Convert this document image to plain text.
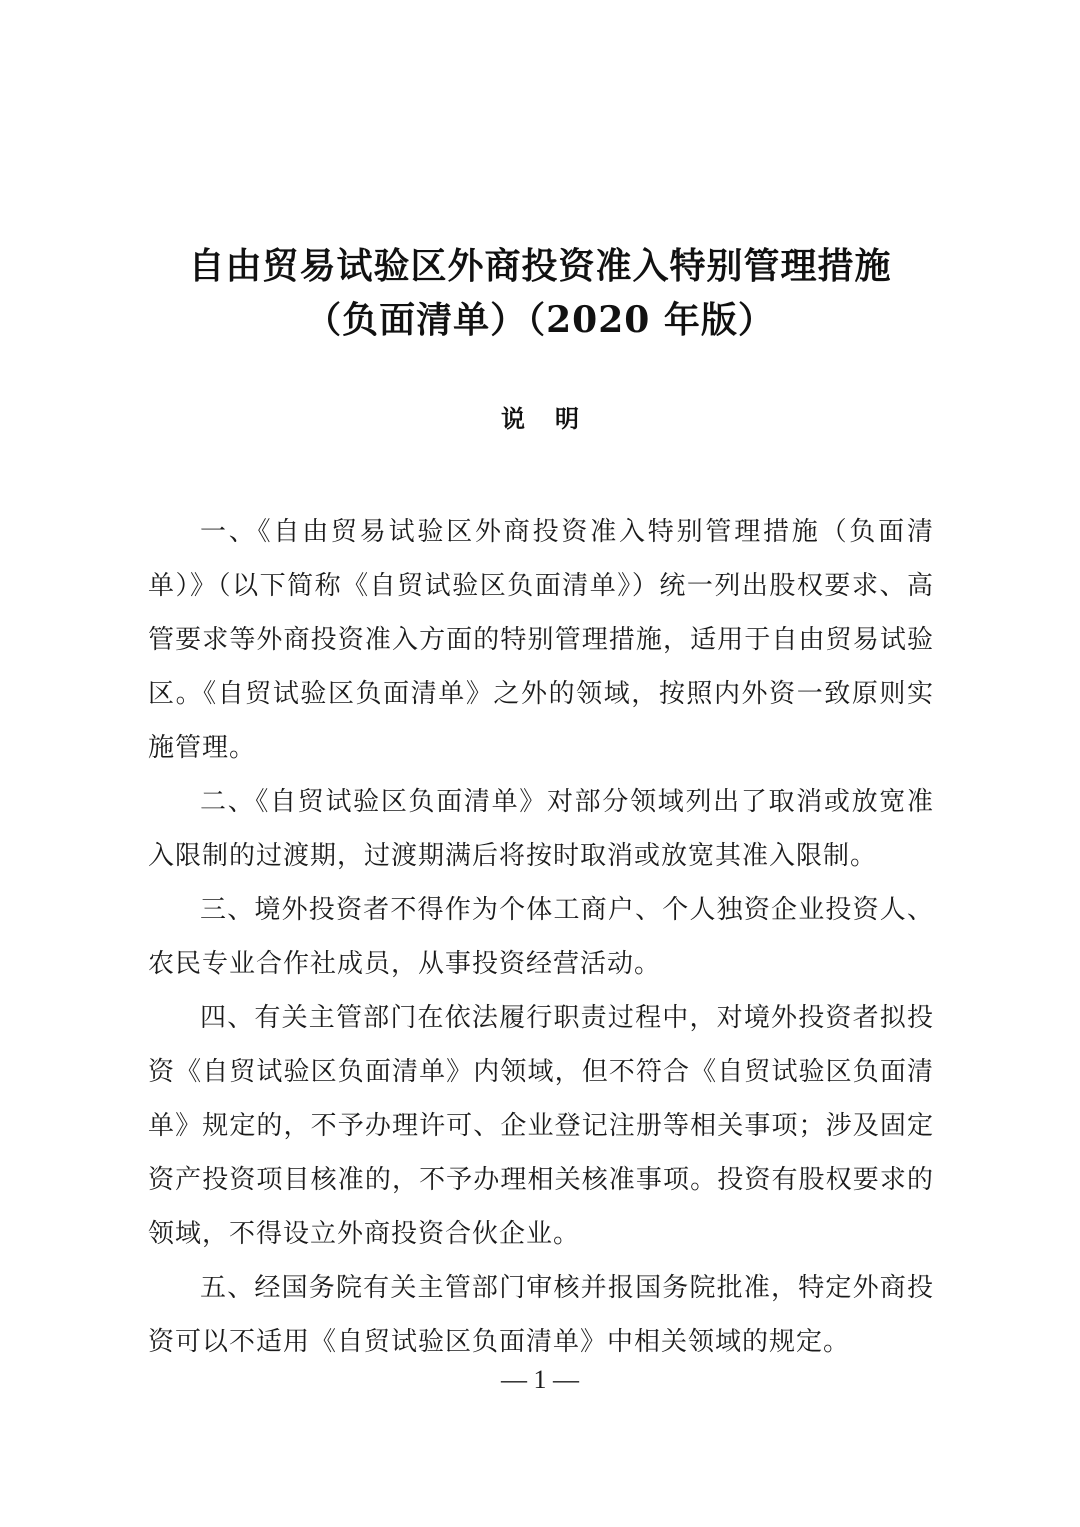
自由贸易试验区外商投资准入特别管理措施
（负面清单）（2020 年版）
说明

一、《自由贸易试验区外商投资准入特别管理措施（负面清单）》（以下简称《自贸试验区负面清单》）统一列出股权要求、高管要求等外商投资准入方面的特别管理措施，适用于自由贸易试验区。《自贸试验区负面清单》之外的领域，按照内外资一致原则实施管理。

二、《自贸试验区负面清单》对部分领域列出了取消或放宽准入限制的过渡期，过渡期满后将按时取消或放宽其准入限制。

三、境外投资者不得作为个体工商户、个人独资企业投资人、农民专业合作社成员，从事投资经营活动。

四、有关主管部门在依法履行职责过程中，对境外投资者拟投资《自贸试验区负面清单》内领域，但不符合《自贸试验区负面清单》规定的，不予办理许可、企业登记注册等相关事项；涉及固定资产投资项目核准的，不予办理相关核准事项。投资有股权要求的领域，不得设立外商投资合伙企业。

五、经国务院有关主管部门审核并报国务院批准，特定外商投资可以不适用《自贸试验区负面清单》中相关领域的规定。

— 1 —
